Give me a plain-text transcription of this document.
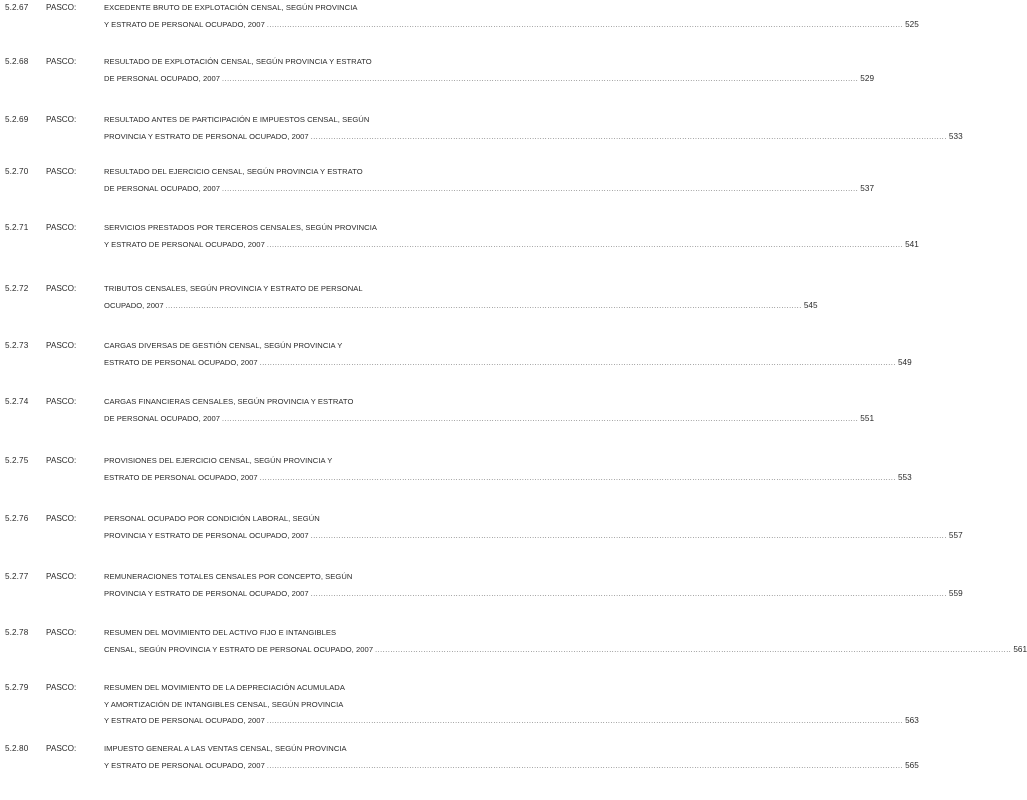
5.2.67 PASCO:	EXCEDENTE BRUTO DE EXPLOTACIÓN CENSAL, SEGÚN PROVINCIA
Y ESTRATO DE PERSONAL OCUPADO, 2007 .......................................................................................................................................................................................................................................................... 525
5.2.68 PASCO:	RESULTADO DE EXPLOTACIÓN CENSAL, SEGÚN PROVINCIA Y ESTRATO
DE PERSONAL OCUPADO, 2007 .......................................................................................................................................................................................................................................................... 529
5.2.69 PASCO:	RESULTADO ANTES DE PARTICIPACIÓN E IMPUESTOS CENSAL, SEGÚN
PROVINCIA Y ESTRATO DE PERSONAL OCUPADO, 2007 .......................................................................................................................................................................................................................................................... 533
5.2.70 PASCO:	RESULTADO DEL EJERCICIO CENSAL, SEGÚN PROVINCIA Y ESTRATO
DE PERSONAL OCUPADO, 2007 .......................................................................................................................................................................................................................................................... 537
5.2.71 PASCO:	SERVICIOS PRESTADOS POR TERCEROS CENSALES, SEGÚN PROVINCIA
Y ESTRATO DE PERSONAL OCUPADO, 2007 .......................................................................................................................................................................................................................................................... 541
5.2.72 PASCO:	TRIBUTOS CENSALES, SEGÚN PROVINCIA Y ESTRATO DE PERSONAL
OCUPADO, 2007 .......................................................................................................................................................................................................................................................... 545
5.2.73 PASCO:	CARGAS DIVERSAS DE GESTIÓN CENSAL, SEGÚN PROVINCIA Y
ESTRATO DE PERSONAL OCUPADO, 2007 .......................................................................................................................................................................................................................................................... 549
5.2.74 PASCO:	CARGAS FINANCIERAS CENSALES, SEGÚN PROVINCIA Y ESTRATO
DE PERSONAL OCUPADO, 2007 .......................................................................................................................................................................................................................................................... 551
5.2.75 PASCO:	PROVISIONES DEL EJERCICIO CENSAL, SEGÚN PROVINCIA Y
ESTRATO DE PERSONAL OCUPADO, 2007 .......................................................................................................................................................................................................................................................... 553
5.2.76 PASCO:	PERSONAL OCUPADO POR CONDICIÓN LABORAL, SEGÚN
PROVINCIA Y ESTRATO DE PERSONAL OCUPADO, 2007 .......................................................................................................................................................................................................................................................... 557
5.2.77 PASCO:	REMUNERACIONES TOTALES CENSALES POR CONCEPTO, SEGÚN
PROVINCIA Y ESTRATO DE PERSONAL OCUPADO, 2007 .......................................................................................................................................................................................................................................................... 559
5.2.78 PASCO:	RESUMEN DEL MOVIMIENTO DEL ACTIVO FIJO E INTANGIBLES
CENSAL, SEGÚN PROVINCIA Y ESTRATO DE PERSONAL OCUPADO, 2007 .......................................................................................................................................................................................................................................................... 561
5.2.79 PASCO:	RESUMEN DEL MOVIMIENTO DE LA DEPRECIACIÓN ACUMULADA
Y AMORTIZACIÓN DE INTANGIBLES CENSAL, SEGÚN PROVINCIA
Y ESTRATO DE PERSONAL OCUPADO, 2007 .......................................................................................................................................................................................................................................................... 563
5.2.80 PASCO:	IMPUESTO GENERAL A LAS VENTAS CENSAL, SEGÚN PROVINCIA
Y ESTRATO DE PERSONAL OCUPADO, 2007 .......................................................................................................................................................................................................................................................... 565
